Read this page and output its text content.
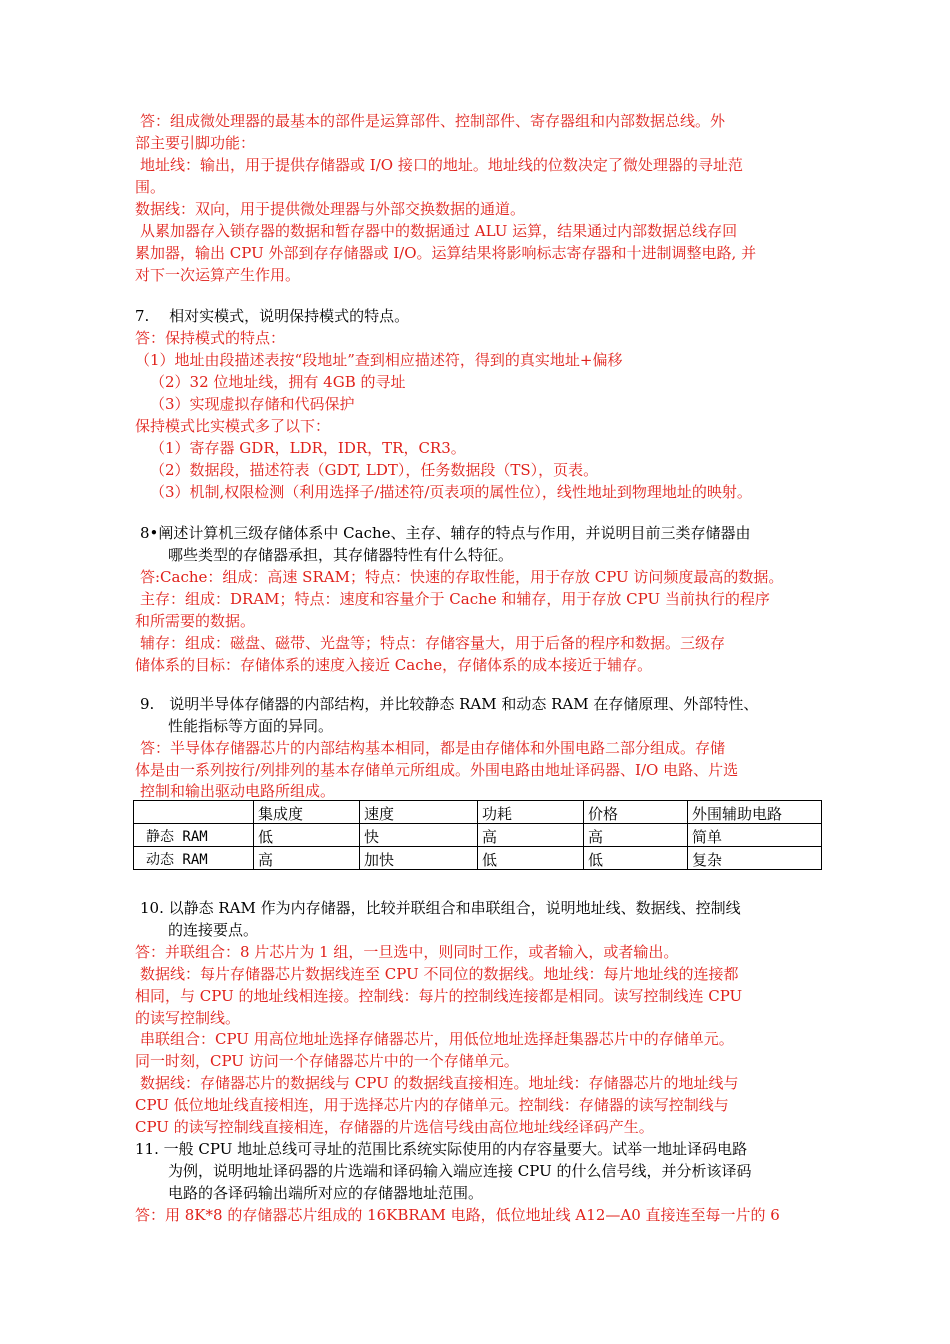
答：组成微处理器的最基本的部件是运算部件、控制部件、寄存器组和内部数据总线。外
部主要引脚功能：
地址线：输出，用于提供存储器或 I/O 接口的地址。地址线的位数决定了微处理器的寻址范
围。
数据线：双向，用于提供微处理器与外部交换数据的通道。
从累加器存入锁存器的数据和暂存器中的数据通过 ALU 运算，结果通过内部数据总线存回
累加器，输出 CPU 外部到存存储器或 I/O。运算结果将影响标志寄存器和十进制调整电路, 并
对下一次运算产生作用。
7.　 相对实模式，说明保持模式的特点。
答：保持模式的特点：
（1）地址由段描述表按“段地址”查到相应描述符，得到的真实地址+偏移
（2）32 位地址线，拥有 4GB 的寻址
（3）实现虚拟存储和代码保护
保持模式比实模式多了以下：
（1）寄存器 GDR，LDR，IDR，TR，CR3。
（2）数据段，描述符表（GDT, LDT），任务数据段（TS），页表。
（3）机制,权限检测（利用选择子/描述符/页表项的属性位），线性地址到物理地址的映射。
8•阐述计算机三级存储体系中 Cache、主存、辅存的特点与作用，并说明目前三类存储器由
哪些类型的存储器承担，其存储器特性有什么特征。
答:Cache：组成：高速 SRAM；特点：快速的存取性能，用于存放 CPU 访问频度最高的数据。
主存：组成：DRAM；特点：速度和容量介于 Cache 和辅存，用于存放 CPU 当前执行的程序
和所需要的数据。
辅存：组成：磁盘、磁带、光盘等；特点：存储容量大，用于后备的程序和数据。三级存
储体系的目标：存储体系的速度入接近 Cache，存储体系的成本接近于辅存。
9.　说明半导体存储器的内部结构，并比较静态 RAM 和动态 RAM 在存储原理、外部特性、
性能指标等方面的异同。
答：半导体存储器芯片的内部结构基本相同，都是由存储体和外围电路二部分组成。存储
体是由一系列按行/列排列的基本存储单元所组成。外围电路由地址译码器、I/O 电路、片选
控制和输出驱动电路所组成。
	集成度	速度	功耗	价格	外围辅助电路
静态 RAM	低	快	高	高	简单
动态 RAM	高	加快	低	低	复杂
10. 以静态 RAM 作为内存储器，比较并联组合和串联组合，说明地址线、数据线、控制线
的连接要点。
答：并联组合：8 片芯片为 1 组，一旦选中，则同时工作，或者输入，或者输出。
数据线：每片存储器芯片数据线连至 CPU 不同位的数据线。地址线：每片地址线的连接都
相同，与 CPU 的地址线相连接。控制线：每片的控制线连接都是相同。读写控制线连 CPU
的读写控制线。
串联组合：CPU 用高位地址选择存储器芯片，用低位地址选择赶集器芯片中的存储单元。
同一时刻，CPU 访问一个存储器芯片中的一个存储单元。
数据线：存储器芯片的数据线与 CPU 的数据线直接相连。地址线：存储器芯片的地址线与
CPU 低位地址线直接相连，用于选择芯片内的存储单元。控制线：存储器的读写控制线与
CPU 的读写控制线直接相连，存储器的片选信号线由高位地址线经译码产生。
11. 一般 CPU 地址总线可寻址的范围比系统实际使用的内存容量要大。试举一地址译码电路
为例，说明地址译码器的片选端和译码输入端应连接 CPU 的什么信号线，并分析该译码
电路的各译码输出端所对应的存储器地址范围。
答：用 8K*8 的存储器芯片组成的 16KBRAM 电路，低位地址线 A12—A0 直接连至每一片的 6
